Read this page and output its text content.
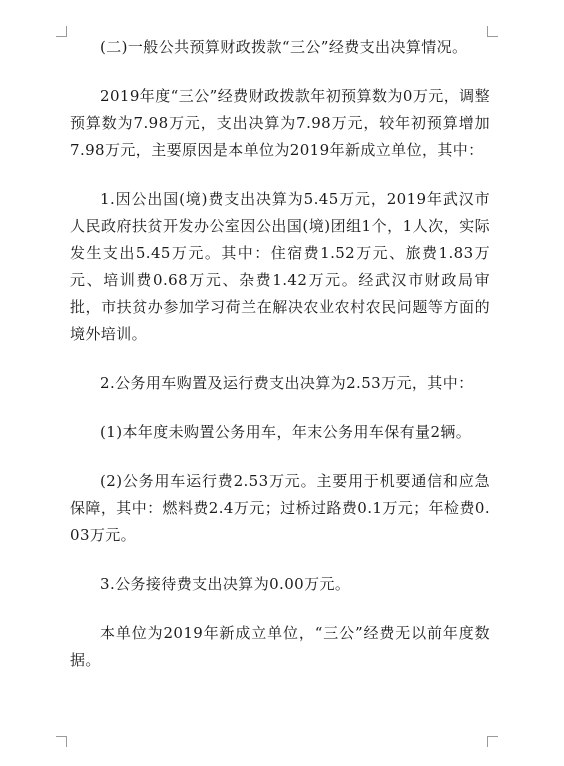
(二)一般公共预算财政拨款“三公”经费支出决算情况。

2019年度“三公”经费财政拨款年初预算数为0万元，调整预算数为7.98万元，支出决算为7.98万元，较年初预算增加7.98万元，主要原因是本单位为2019年新成立单位，其中：

1.因公出国(境)费支出决算为5.45万元，2019年武汉市人民政府扶贫开发办公室因公出国(境)团组1个，1人次，实际发生支出5.45万元。其中：住宿费1.52万元、旅费1.83万元、培训费0.68万元、杂费1.42万元。经武汉市财政局审批，市扶贫办参加学习荷兰在解决农业农村农民问题等方面的境外培训。

2.公务用车购置及运行费支出决算为2.53万元，其中：

(1)本年度未购置公务用车，年末公务用车保有量2辆。

(2)公务用车运行费2.53万元。主要用于机要通信和应急保障，其中：燃料费2.4万元；过桥过路费0.1万元；年检费0.03万元。

3.公务接待费支出决算为0.00万元。

本单位为2019年新成立单位，“三公”经费无以前年度数据。
